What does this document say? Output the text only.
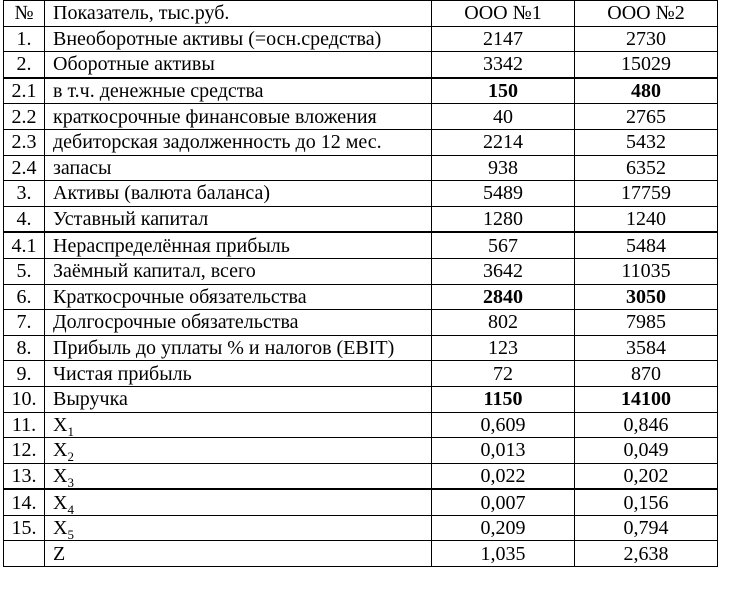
№	Показатель, тыс.руб.	ООО №1	ООО №2
1.	Внеоборотные активы (=осн.средства)	2147	2730
2.	Оборотные активы	3342	15029
2.1	в т.ч. денежные средства	150	480
2.2	краткосрочные финансовые вложения	40	2765
2.3	дебиторская задолженность до 12 мес.	2214	5432
2.4	запасы	938	6352
3.	Активы (валюта баланса)	5489	17759
4.	Уставный капитал	1280	1240
4.1	Нераспределённая прибыль	567	5484
5.	Заёмный капитал, всего	3642	11035
6.	Краткосрочные обязательства	2840	3050
7.	Долгосрочные обязательства	802	7985
8.	Прибыль до уплаты % и налогов (EBIT)	123	3584
9.	Чистая прибыль	72	870
10.	Выручка	1150	14100
11.	$X_1$	0,609	0,846
12.	$X_2$	0,013	0,049
13.	$X_3$	0,022	0,202
14.	$X_4$	0,007	0,156
15.	$X_5$	0,209	0,794
	Z	1,035	2,638
